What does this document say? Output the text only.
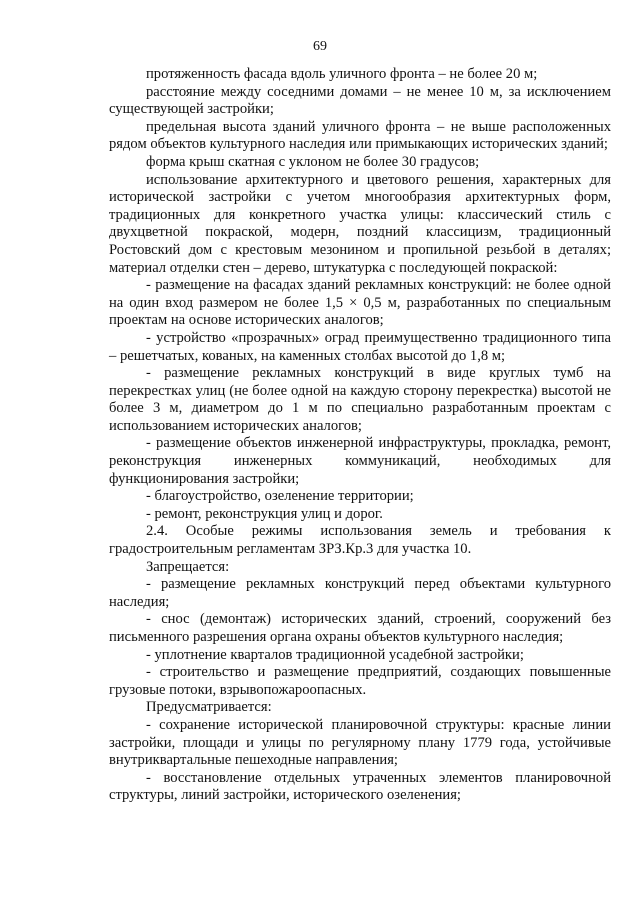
69

протяженность фасада вдоль уличного фронта – не более 20 м;

расстояние между соседними домами – не менее 10 м, за исключением существующей застройки;

предельная высота зданий уличного фронта – не выше расположенных рядом объектов культурного наследия или примыкающих исторических зданий;

форма крыш скатная с уклоном не более 30 градусов;

использование архитектурного и цветового решения, характерных для исторической застройки с учетом многообразия архитектурных форм, традиционных для конкретного участка улицы: классический стиль с двухцветной покраской, модерн, поздний классицизм, традиционный Ростовский дом с крестовым мезонином и пропильной резьбой в деталях; материал отделки стен – дерево, штукатурка с последующей покраской:

- размещение на фасадах зданий рекламных конструкций: не более одной на один вход размером не более 1,5 × 0,5 м, разработанных по специальным проектам на основе исторических аналогов;

- устройство «прозрачных» оград преимущественно традиционного типа – решетчатых, кованых, на каменных столбах высотой до 1,8 м;

- размещение рекламных конструкций в виде круглых тумб на перекрестках улиц (не более одной на каждую сторону перекрестка) высотой не более 3 м, диаметром до 1 м по специально разработанным проектам с использованием исторических аналогов;

- размещение объектов инженерной инфраструктуры, прокладка, ремонт, реконструкция инженерных коммуникаций, необходимых для функционирования застройки;

- благоустройство, озеленение территории;

- ремонт, реконструкция улиц и дорог.

2.4. Особые режимы использования земель и требования к градостроительным регламентам ЗРЗ.Кр.3 для участка 10.

Запрещается:

- размещение рекламных конструкций перед объектами культурного наследия;

- снос (демонтаж) исторических зданий, строений, сооружений без письменного разрешения органа охраны объектов культурного наследия;

- уплотнение кварталов традиционной усадебной застройки;

- строительство и размещение предприятий, создающих повышенные грузовые потоки, взрывопожароопасных.

Предусматривается:

- сохранение исторической планировочной структуры: красные линии застройки, площади и улицы по регулярному плану 1779 года, устойчивые внутриквартальные пешеходные направления;

- восстановление отдельных утраченных элементов планировочной структуры, линий застройки, исторического озеленения;
